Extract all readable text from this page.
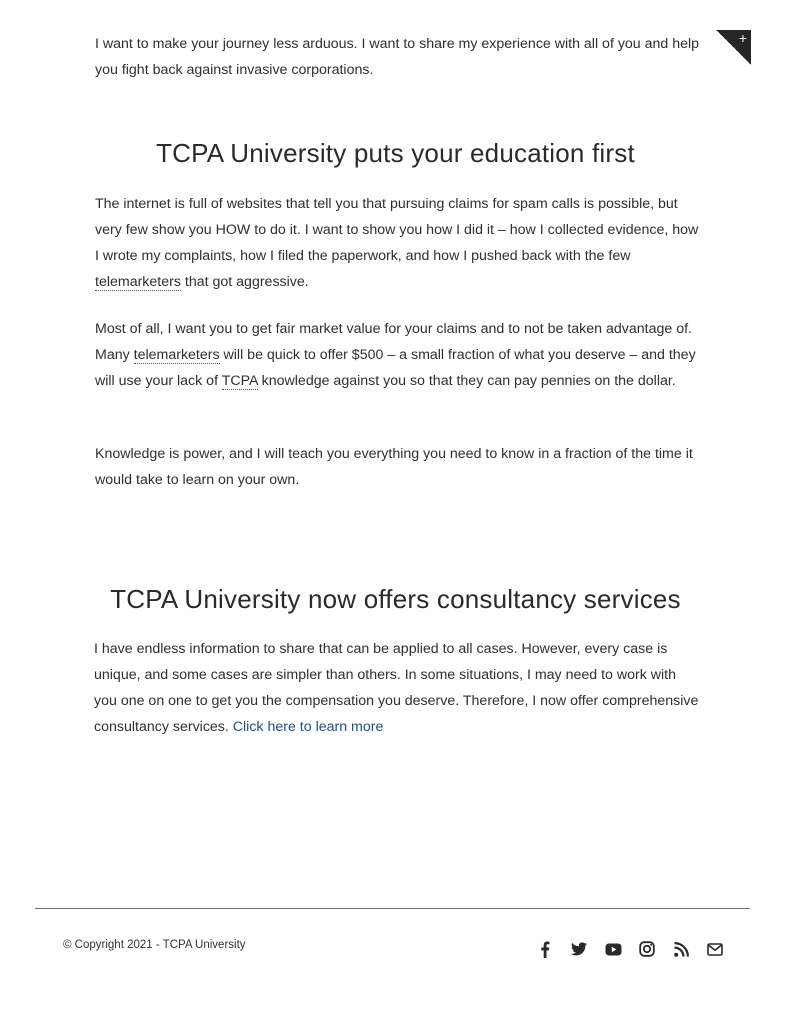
+

I want to make your journey less arduous. I want to share my experience with all of you and help you fight back against invasive corporations.

TCPA University puts your education first

The internet is full of websites that tell you that pursuing claims for spam calls is possible, but very few show you HOW to do it. I want to show you how I did it – how I collected evidence, how I wrote my complaints, how I filed the paperwork, and how I pushed back with the few telemarketers that got aggressive.

Most of all, I want you to get fair market value for your claims and to not be taken advantage of. Many telemarketers will be quick to offer $500 – a small fraction of what you deserve – and they will use your lack of TCPA knowledge against you so that they can pay pennies on the dollar.

Knowledge is power, and I will teach you everything you need to know in a fraction of the time it would take to learn on your own.

TCPA University now offers consultancy services

I have endless information to share that can be applied to all cases. However, every case is unique, and some cases are simpler than others. In some situations, I may need to work with you one on one to get you the compensation you deserve. Therefore, I now offer comprehensive consultancy services. Click here to learn more

© Copyright 2021 - TCPA University
